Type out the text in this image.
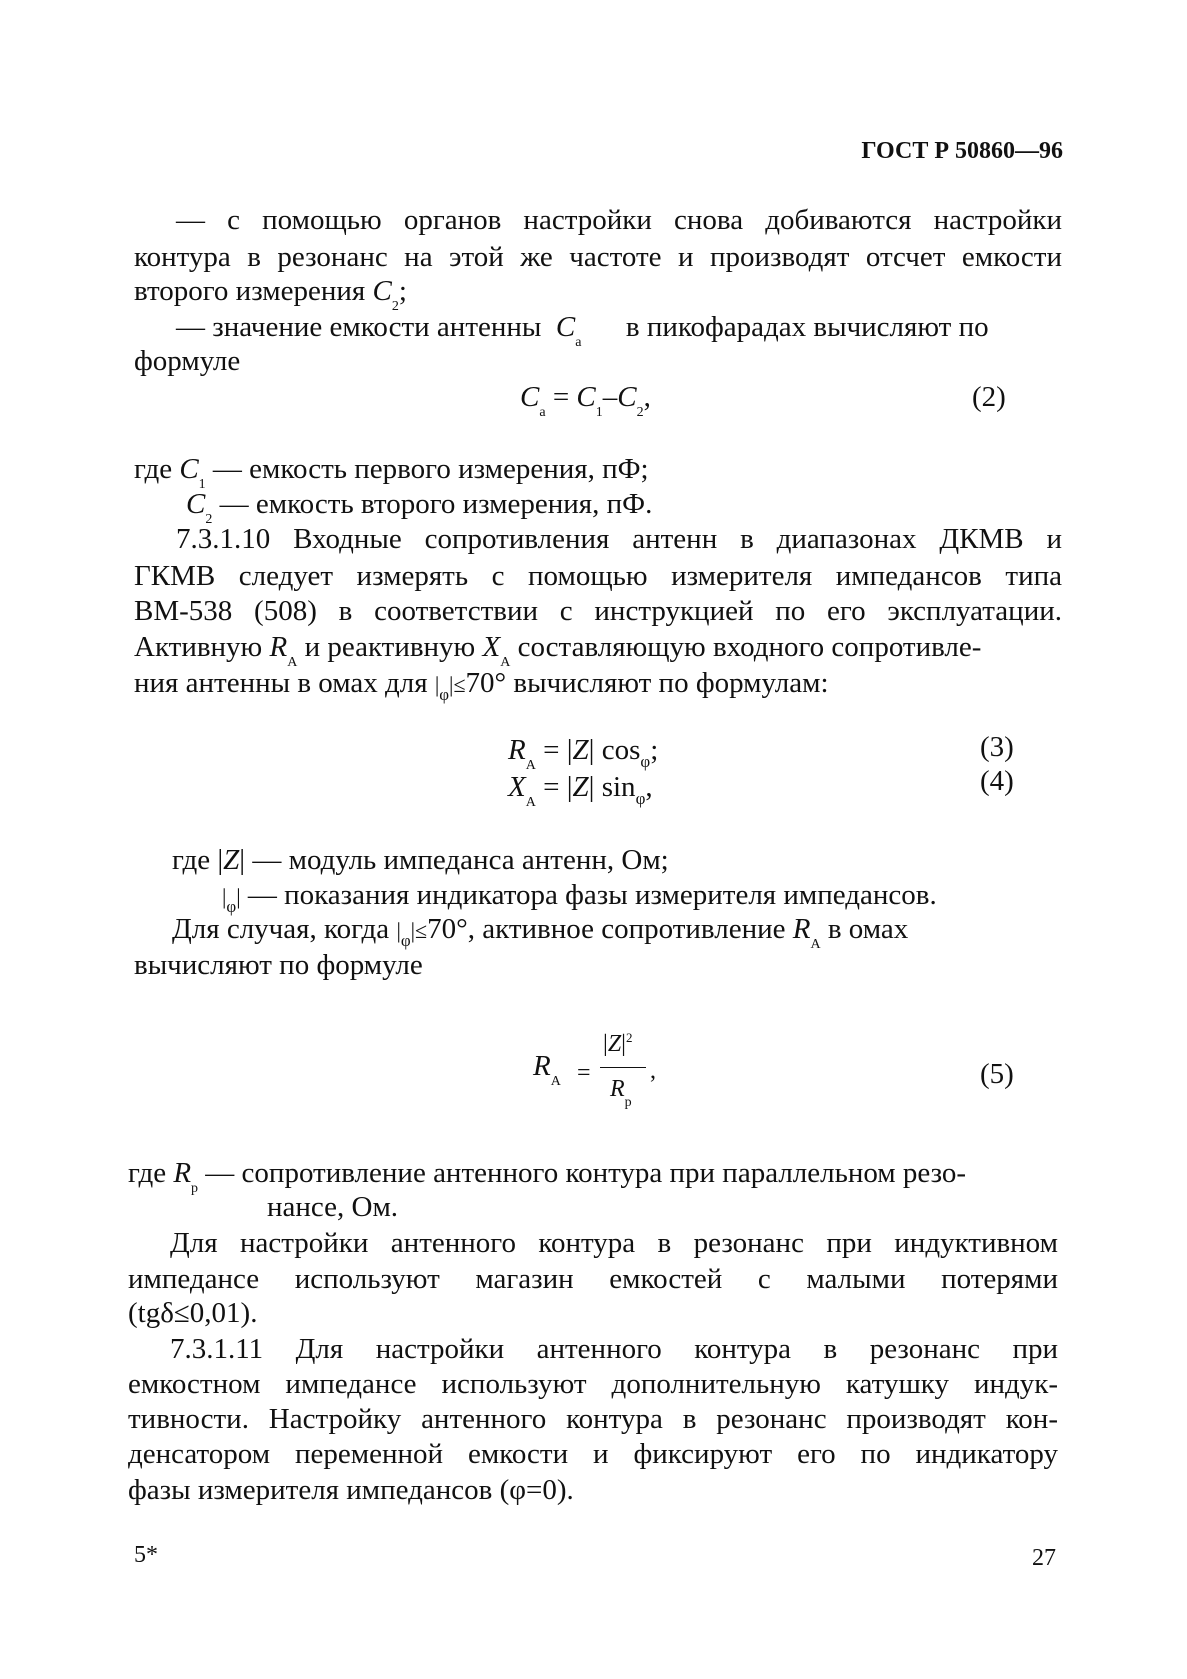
ГОСТ Р 50860—96
— с помощью органов настройки снова добиваются настройки
контура в резонанс на этой же частоте и производят отсчет емкости
второго измерения $C_2$;
— значение емкости антенны  $C_а$ в пикофарадах вычисляют по
формуле
$C_а = C_1-C_2$,	(2)
где $C_1$ — емкость первого измерения, пФ;
$C_2$ — емкость второго измерения, пФ.
7.3.1.10 Входные сопротивления антенн в диапазонах ДКМВ и
ГКМВ следует измерять с помощью измерителя импедансов типа
ВМ-538 (508) в соответствии с инструкцией по его эксплуатации.
Активную $R_A$ и реактивную $X_A$ составляющую входного сопротивле-
ния антенны в омах для $|_\varphi|\le 70^\circ$ вычисляют по формулам:
$R_A = |Z|$ $\cos_\varphi$;	(3)
$X_A = |Z|$ $\sin_\varphi$,	(4)
где |Z| — модуль импеданса антенн, Ом;
$|_\varphi|$ — показания индикатора фазы измерителя импедансов.
Для случая, когда $|_\varphi|\le 70^\circ$, активное сопротивление $R_A$ в омах
вычисляют по формуле
$R_A$ =
$|Z|^2$
$R_р$
,	(5)
где $R_р$ — сопротивление антенного контура при параллельном резо-
нансе, Ом.
Для настройки антенного контура в резонанс при индуктивном
импедансе используют магазин емкостей с малыми потерями
(tgδ≤0,01).
7.3.1.11 Для настройки антенного контура в резонанс при
емкостном импедансе используют дополнительную катушку индук-
тивности. Настройку антенного контура в резонанс производят кон-
денсатором переменной емкости и фиксируют его по индикатору
фазы измерителя импедансов (φ=0).
5*	27
